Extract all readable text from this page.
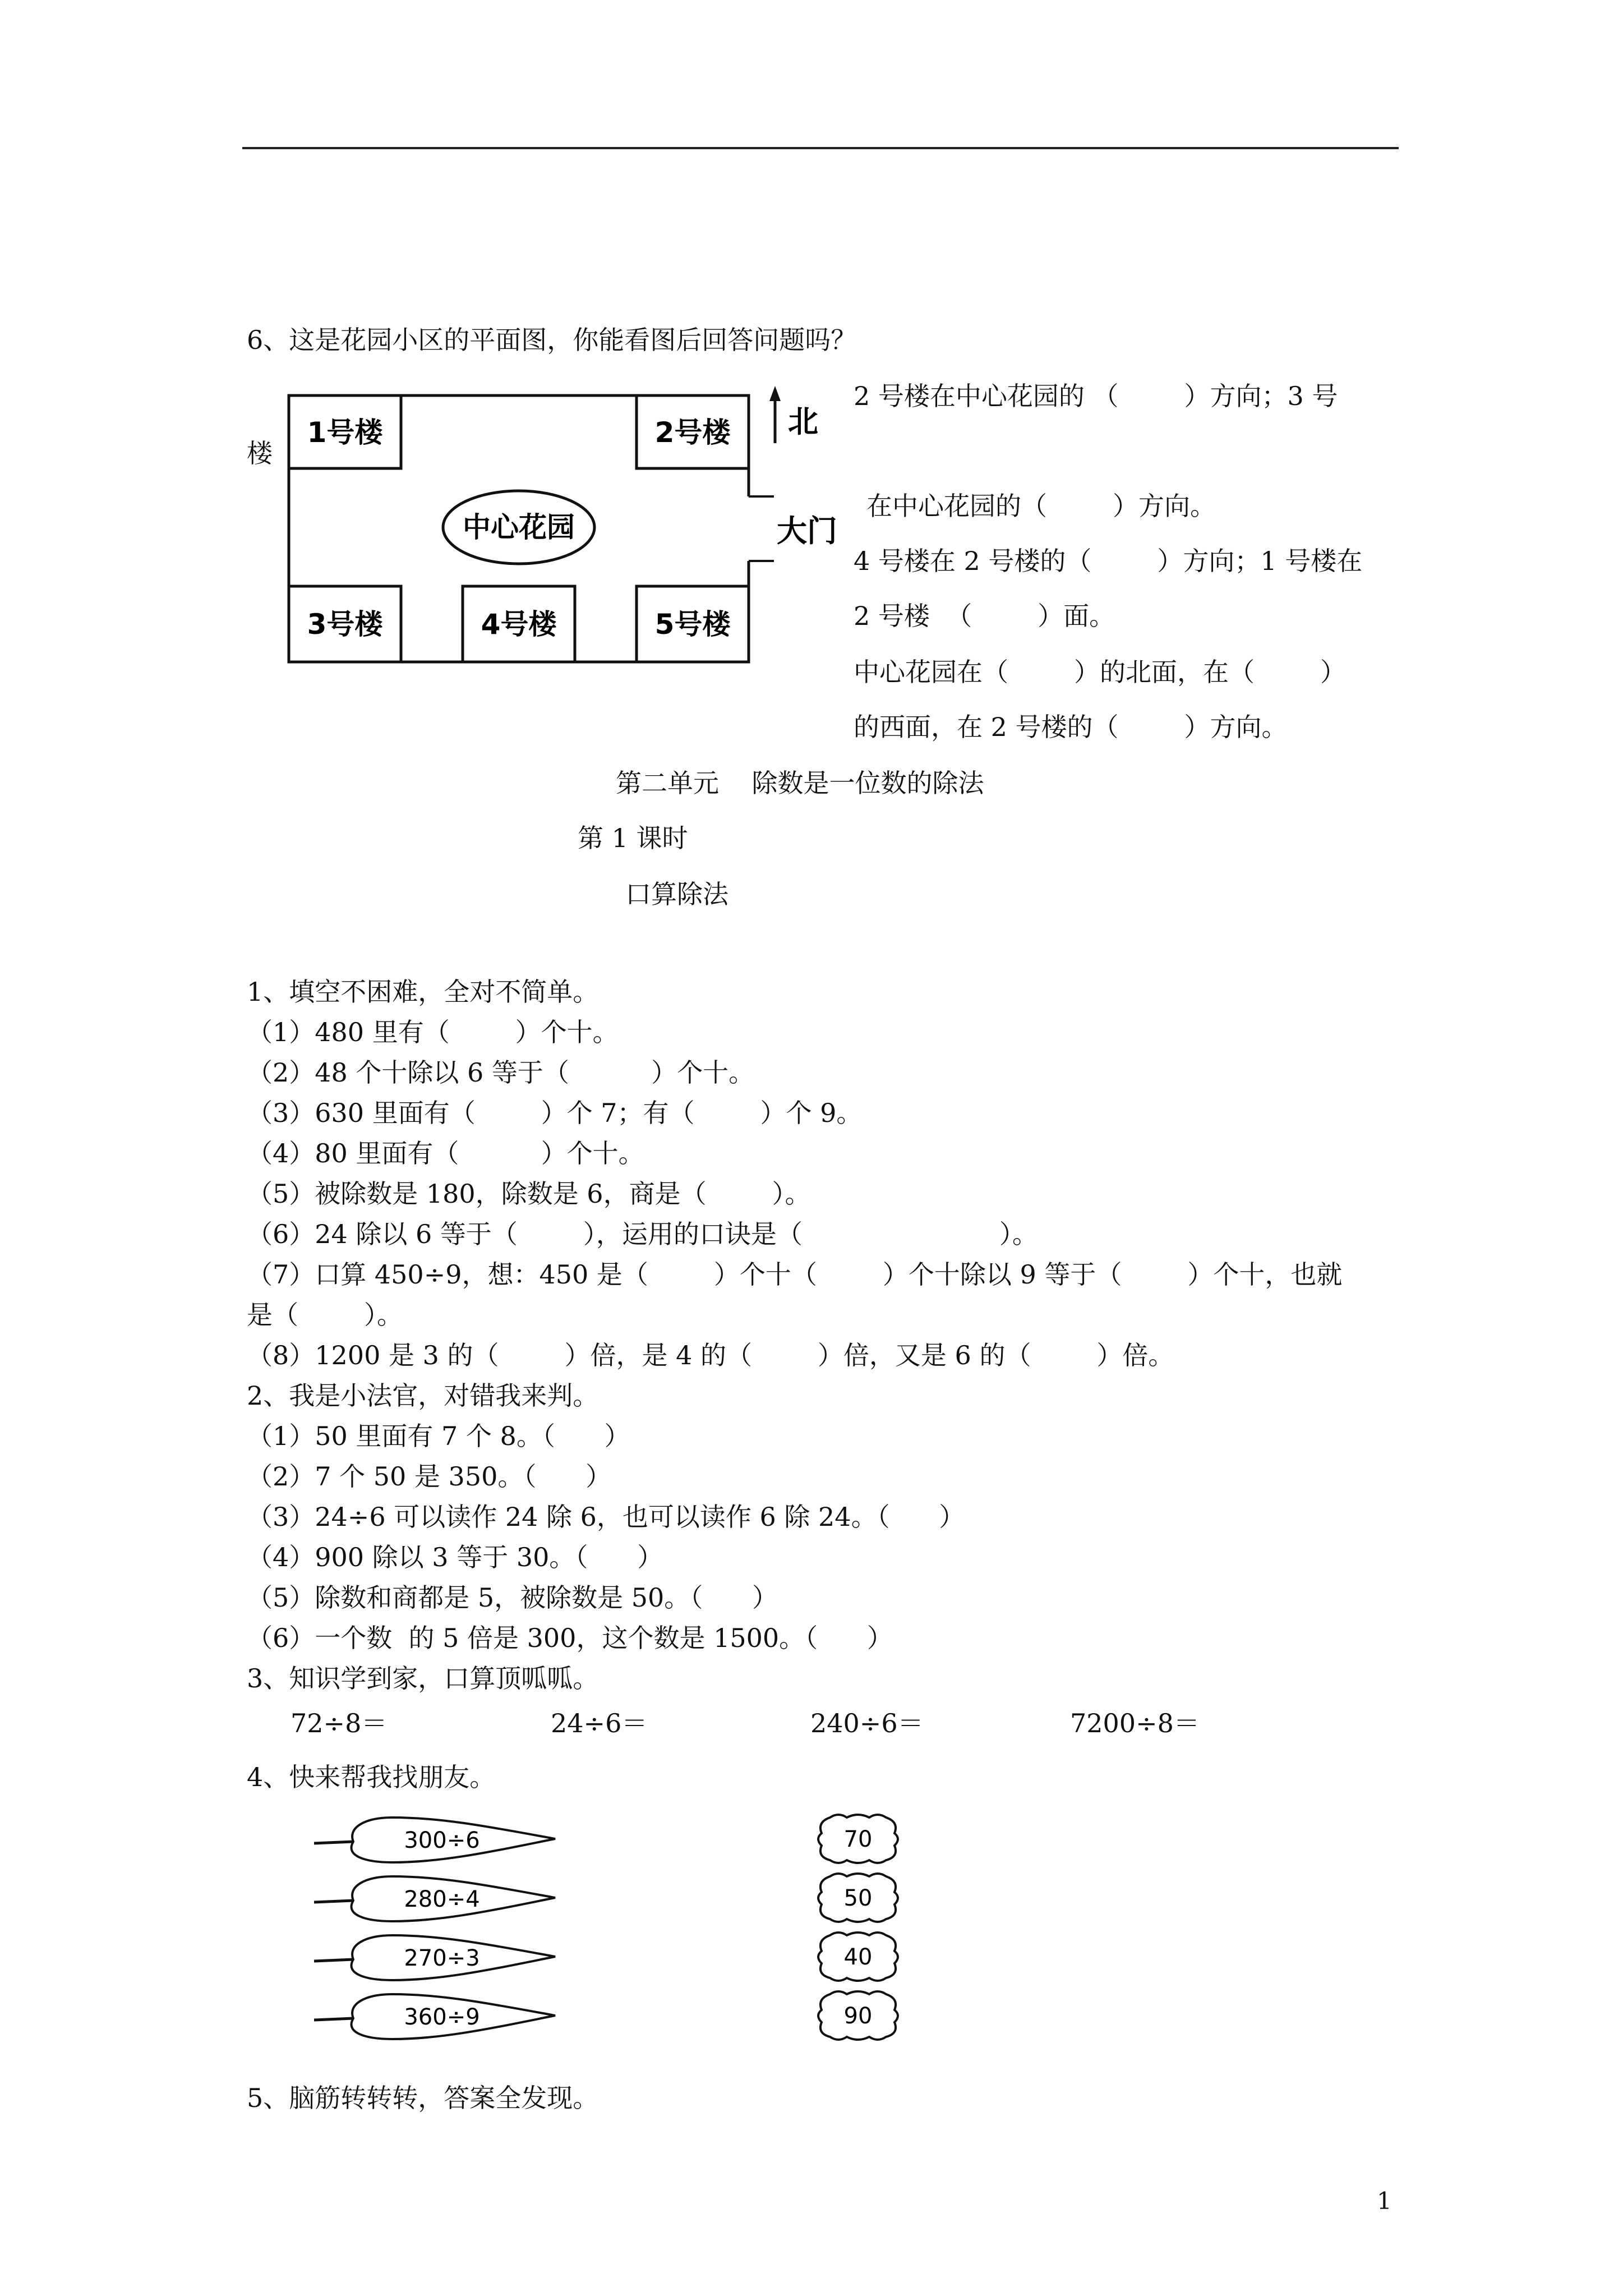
6、这是花园小区的平面图，你能看图后回答问题吗？
楼
1号楼	2号楼
3号楼	4号楼	5号楼
中心花园
北
大门
2 号楼在中心花园的 （        ）方向；3 号
在中心花园的（        ）方向。
4 号楼在 2 号楼的（        ）方向；1 号楼在
2 号楼  （        ）面。
中心花园在（        ）的北面，在（        ）
的西面，在 2 号楼的（        ）方向。
第二单元    除数是一位数的除法
第 1 课时
口算除法
1、填空不困难，全对不简单。
（1）480 里有（        ）个十。
（2）48 个十除以 6 等于（          ）个十。
（3）630 里面有（        ）个 7；有（        ）个 9。
（4）80 里面有（          ）个十。
（5）被除数是 180，除数是 6，商是（        ）。
（6）24 除以 6 等于（        ），运用的口诀是（                        ）。
（7）口算 450÷9，想：450 是（        ）个十（        ）个十除以 9 等于（        ）个十，也就
是（        ）。
（8）1200 是 3 的（        ）倍，是 4 的（        ）倍，又是 6 的（        ）倍。
2、我是小法官，对错我来判。
（1）50 里面有 7 个 8。（      ）
（2）7 个 50 是 350。（      ）
（3）24÷6 可以读作 24 除 6，也可以读作 6 除 24。（      ）
（4）900 除以 3 等于 30。（      ）
（5）除数和商都是 5，被除数是 50。（      ）
（6）一个数  的 5 倍是 300，这个数是 1500。（      ）
3、知识学到家，口算顶呱呱。
72÷8＝	24÷6＝	240÷6＝	7200÷8＝
4、快来帮我找朋友。
300÷6
280÷4
270÷3
360÷9
70
50
40
90
5、脑筋转转转，答案全发现。
1
